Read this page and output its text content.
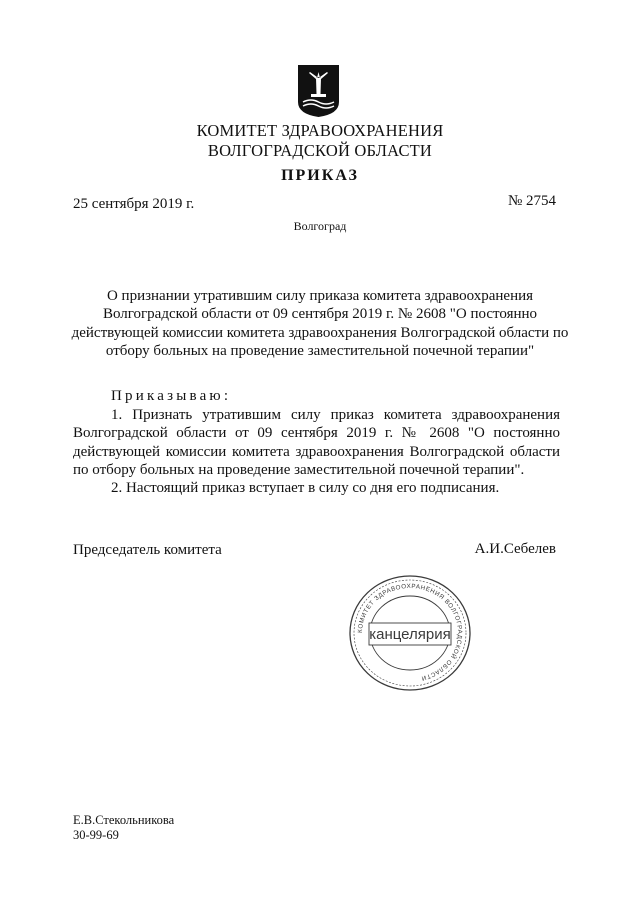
КОМИТЕТ ЗДРАВООХРАНЕНИЯ
ВОЛГОГРАДСКОЙ ОБЛАСТИ
ПРИКАЗ
25 сентября 2019 г.	№ 2754
Волгоград
О признании утратившим силу приказа комитета здравоохранения Волгоградской области от 09 сентября 2019 г. № 2608 "О постоянно действующей комиссии комитета здравоохранения Волгоградской области по отбору больных на проведение заместительной почечной терапии"
Приказываю:
1. Признать утратившим силу приказ комитета здравоохранения Волгоградской области от 09 сентября 2019 г. № 2608 "О постоянно действующей комиссии комитета здравоохранения Волгоградской области по отбору больных на проведение заместительной почечной терапии".
2. Настоящий приказ вступает в силу со дня его подписания.
Председатель комитета	А.И.Себелев
КОМИТЕТ ЗДРАВООХРАНЕНИЯ ВОЛГОГРАДСКОЙ ОБЛАСТИ
канцелярия
Е.В.Стекольникова
30-99-69
